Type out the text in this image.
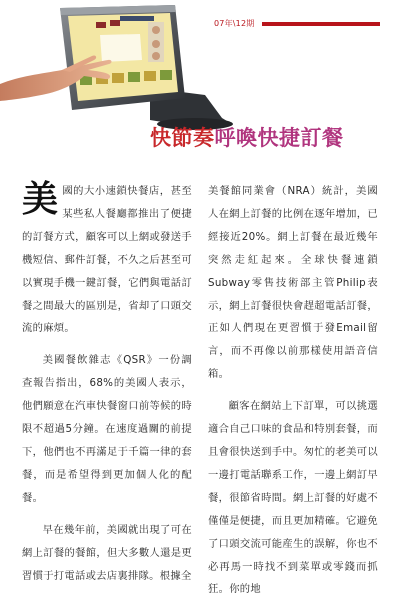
07年\12期
快節奏呼喚快捷訂餐

美國的大小速鎖快餐店，甚至某些私人餐廳都推出了便捷的訂餐方式，顧客可以上網或發送手機短信、郵件訂餐，不久之后甚至可以實現手機一鍵訂餐，它們與電話訂餐之間最大的區別是，省却了口頭交流的麻煩。

美國餐飲雜志《QSR》一份調查報告指出，68%的美國人表示，他們願意在汽車快餐窗口前等候的時限不超過5分鐘。在速度過關的前提下，他們也不再滿足于千篇一律的套餐，而是希望得到更加個人化的配餐。

早在幾年前，美國就出現了可在網上訂餐的餐館，但大多數人還是更習慣于打電話或去店裏排隊。根據全

美餐館同業會（NRA）統計，美國人在網上訂餐的比例在逐年增加，已經接近20%。網上訂餐在最近幾年突然走紅起來。全球快餐連鎖Subway零售技術部主管Philip表示，網上訂餐很快會趕超電話訂餐，正如人們現在更習慣于發Email留言，而不再像以前那樣使用語音信箱。

顧客在網站上下訂單，可以挑選適合自己口味的食品和特別套餐，而且會很快送到手中。匆忙的老美可以一邊打電話聯系工作，一邊上網訂早餐，很節省時間。網上訂餐的好處不僅僅是便捷，而且更加精確。它避免了口頭交流可能産生的誤解，你也不必再馬一時找不到菜單或零錢而抓狂。你的地
